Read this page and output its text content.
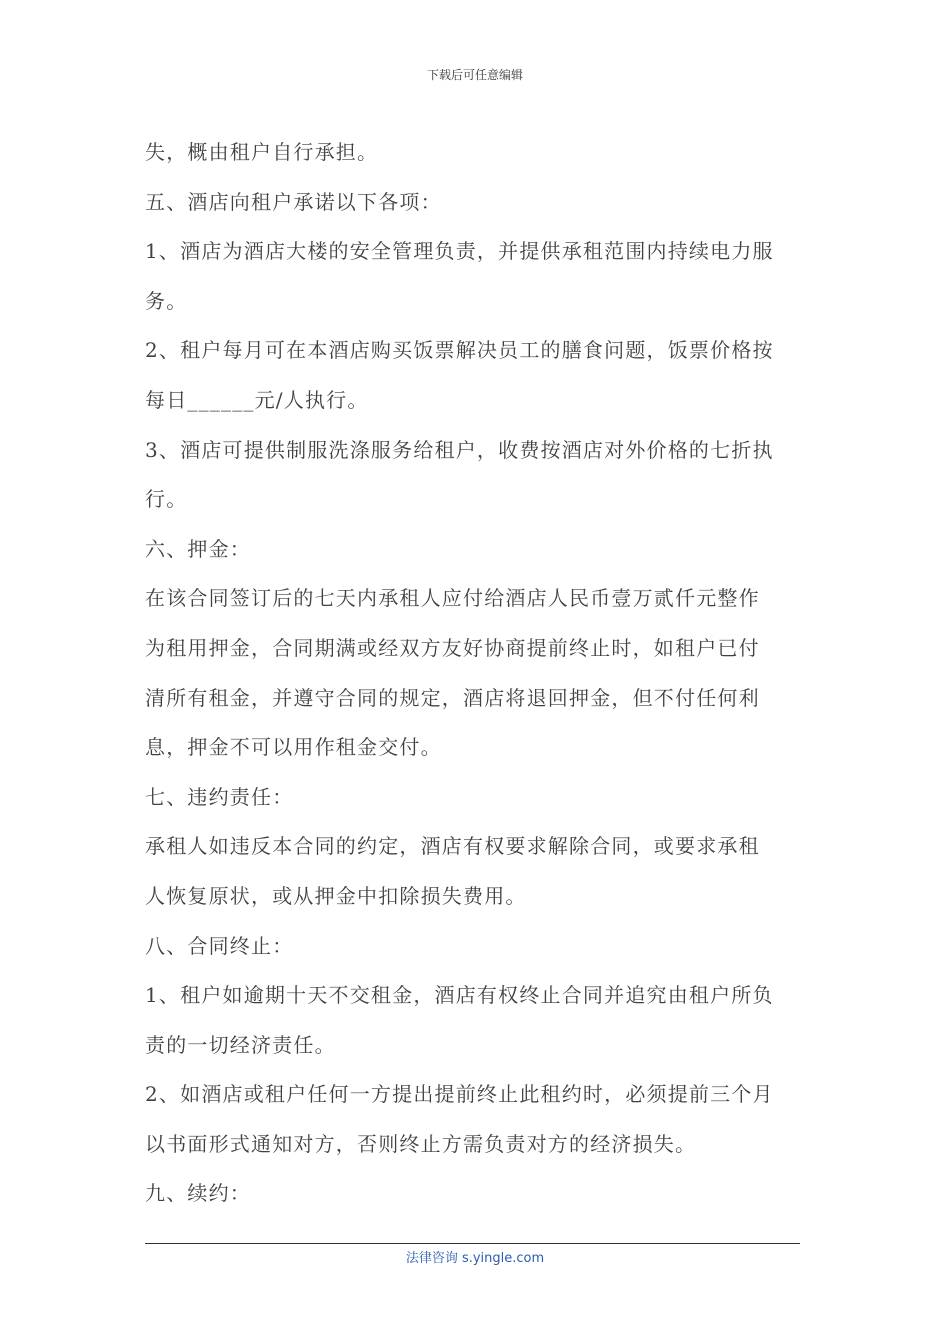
下载后可任意编辑
失，概由租户自行承担。
五、酒店向租户承诺以下各项：
1、酒店为酒店大楼的安全管理负责，并提供承租范围内持续电力服
务。
2、租户每月可在本酒店购买饭票解决员工的膳食问题，饭票价格按
每日______元/人执行。
3、酒店可提供制服洗涤服务给租户，收费按酒店对外价格的七折执
行。
六、押金：
在该合同签订后的七天内承租人应付给酒店人民币壹万贰仟元整作
为租用押金，合同期满或经双方友好协商提前终止时，如租户已付
清所有租金，并遵守合同的规定，酒店将退回押金，但不付任何利
息，押金不可以用作租金交付。
七、违约责任：
承租人如违反本合同的约定，酒店有权要求解除合同，或要求承租
人恢复原状，或从押金中扣除损失费用。
八、合同终止：
1、租户如逾期十天不交租金，酒店有权终止合同并追究由租户所负
责的一切经济责任。
2、如酒店或租户任何一方提出提前终止此租约时，必须提前三个月
以书面形式通知对方，否则终止方需负责对方的经济损失。
九、续约：
法律咨询 s.yingle.com
